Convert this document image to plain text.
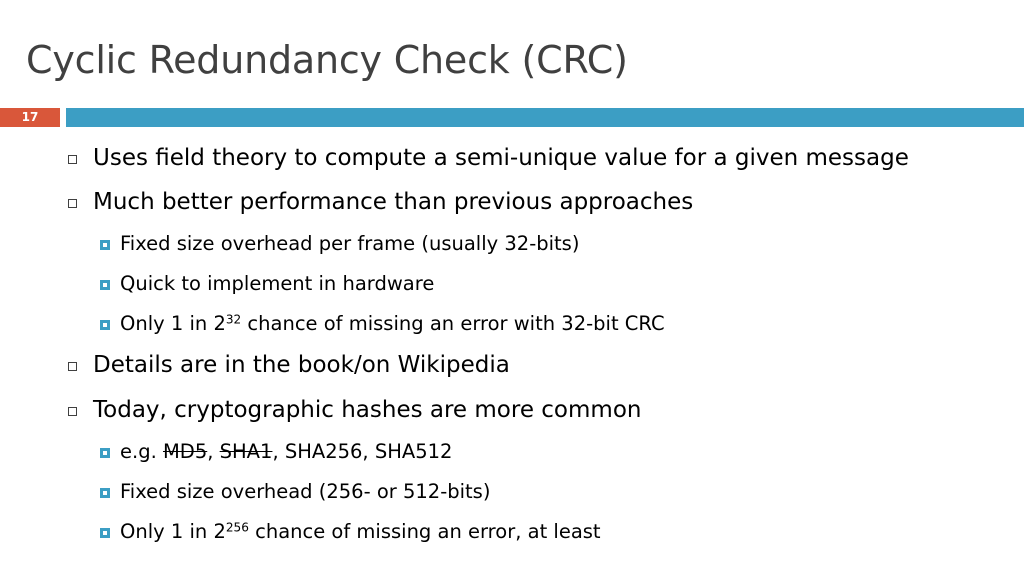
Cyclic Redundancy Check (CRC)
17
Uses field theory to compute a semi-unique value for a given message
Much better performance than previous approaches
Fixed size overhead per frame (usually 32-bits)
Quick to implement in hardware
Only 1 in $2^{32}$ chance of missing an error with 32-bit CRC
Details are in the book/on Wikipedia
Today, cryptographic hashes are more common
e.g. MD5, SHA1, SHA256, SHA512
Fixed size overhead (256- or 512-bits)
Only 1 in $2^{256}$ chance of missing an error, at least
